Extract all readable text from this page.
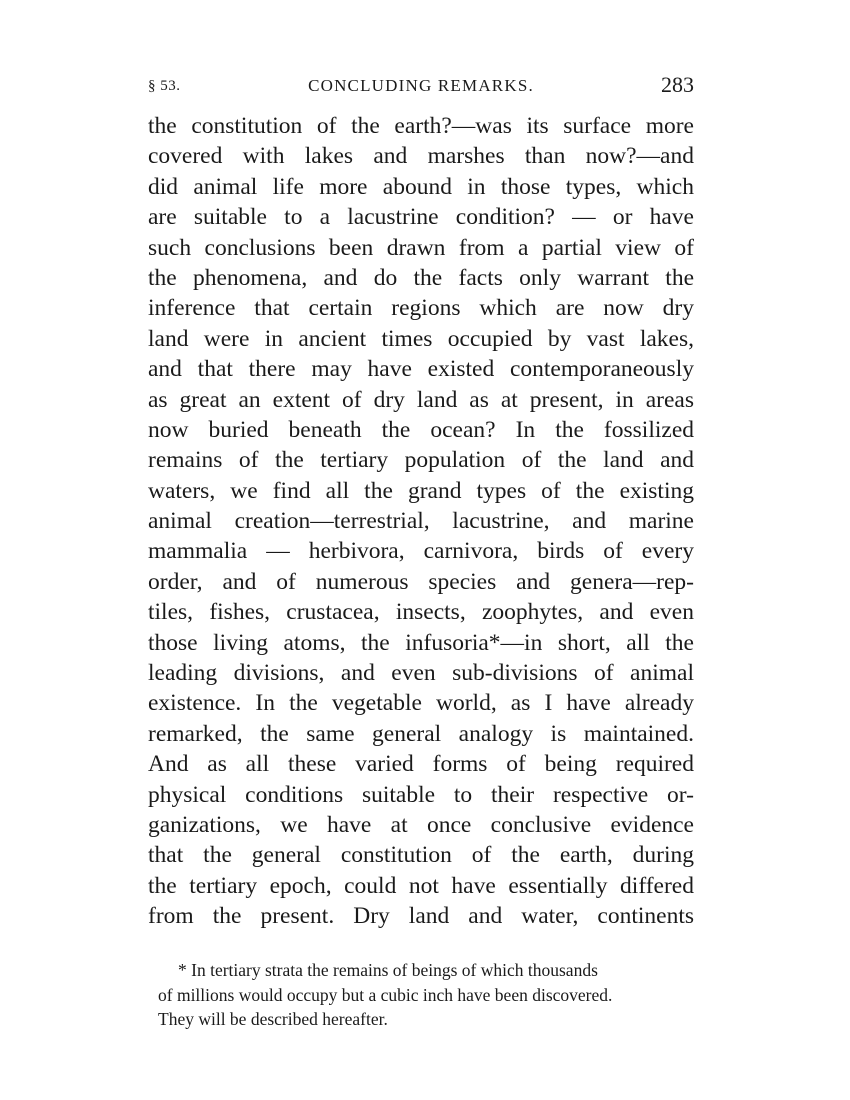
§ 53.	CONCLUDING REMARKS.	283
the constitution of the earth?—was its surface more
covered with lakes and marshes than now?—and
did animal life more abound in those types, which
are suitable to a lacustrine condition? — or have
such conclusions been drawn from a partial view of
the phenomena, and do the facts only warrant the
inference that certain regions which are now dry
land were in ancient times occupied by vast lakes,
and that there may have existed contemporaneously
as great an extent of dry land as at present, in areas
now buried beneath the ocean? In the fossilized
remains of the tertiary population of the land and
waters, we find all the grand types of the existing
animal creation—terrestrial, lacustrine, and marine
mammalia — herbivora, carnivora, birds of every
order, and of numerous species and genera—rep-
tiles, fishes, crustacea, insects, zoophytes, and even
those living atoms, the infusoria*—in short, all the
leading divisions, and even sub-divisions of animal
existence. In the vegetable world, as I have already
remarked, the same general analogy is maintained.
And as all these varied forms of being required
physical conditions suitable to their respective or-
ganizations, we have at once conclusive evidence
that the general constitution of the earth, during
the tertiary epoch, could not have essentially differed
from the present. Dry land and water, continents
* In tertiary strata the remains of beings of which thousands
of millions would occupy but a cubic inch have been discovered.
They will be described hereafter.
